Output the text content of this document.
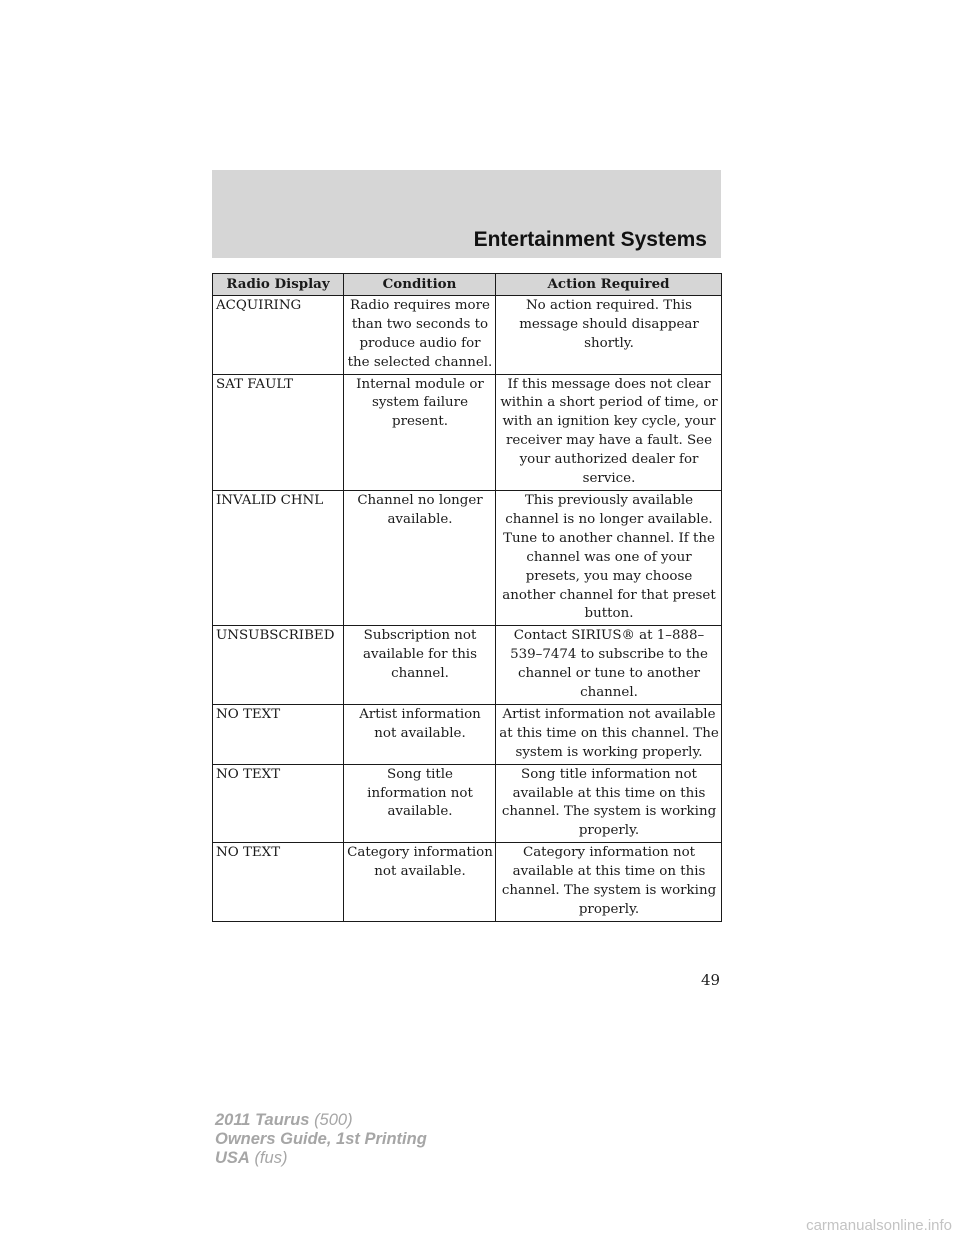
Entertainment Systems
Radio Display	Condition	Action Required
ACQUIRING	Radio requires more than two seconds to produce audio for the selected channel.	No action required. This message should disappear shortly.
SAT FAULT	Internal module or system failure present.	If this message does not clear within a short period of time, or with an ignition key cycle, your receiver may have a fault. See your authorized dealer for service.
INVALID CHNL	Channel no longer available.	This previously available channel is no longer available. Tune to another channel. If the channel was one of your presets, you may choose another channel for that preset button.
UNSUBSCRIBED	Subscription not available for this channel.	Contact SIRIUS® at 1–888–539–7474 to subscribe to the channel or tune to another channel.
NO TEXT	Artist information not available.	Artist information not available at this time on this channel. The system is working properly.
NO TEXT	Song title information not available.	Song title information not available at this time on this channel. The system is working properly.
NO TEXT	Category information not available.	Category information not available at this time on this channel. The system is working properly.
49
2011 Taurus (500)
Owners Guide, 1st Printing
USA (fus)
carmanualsonline.info
